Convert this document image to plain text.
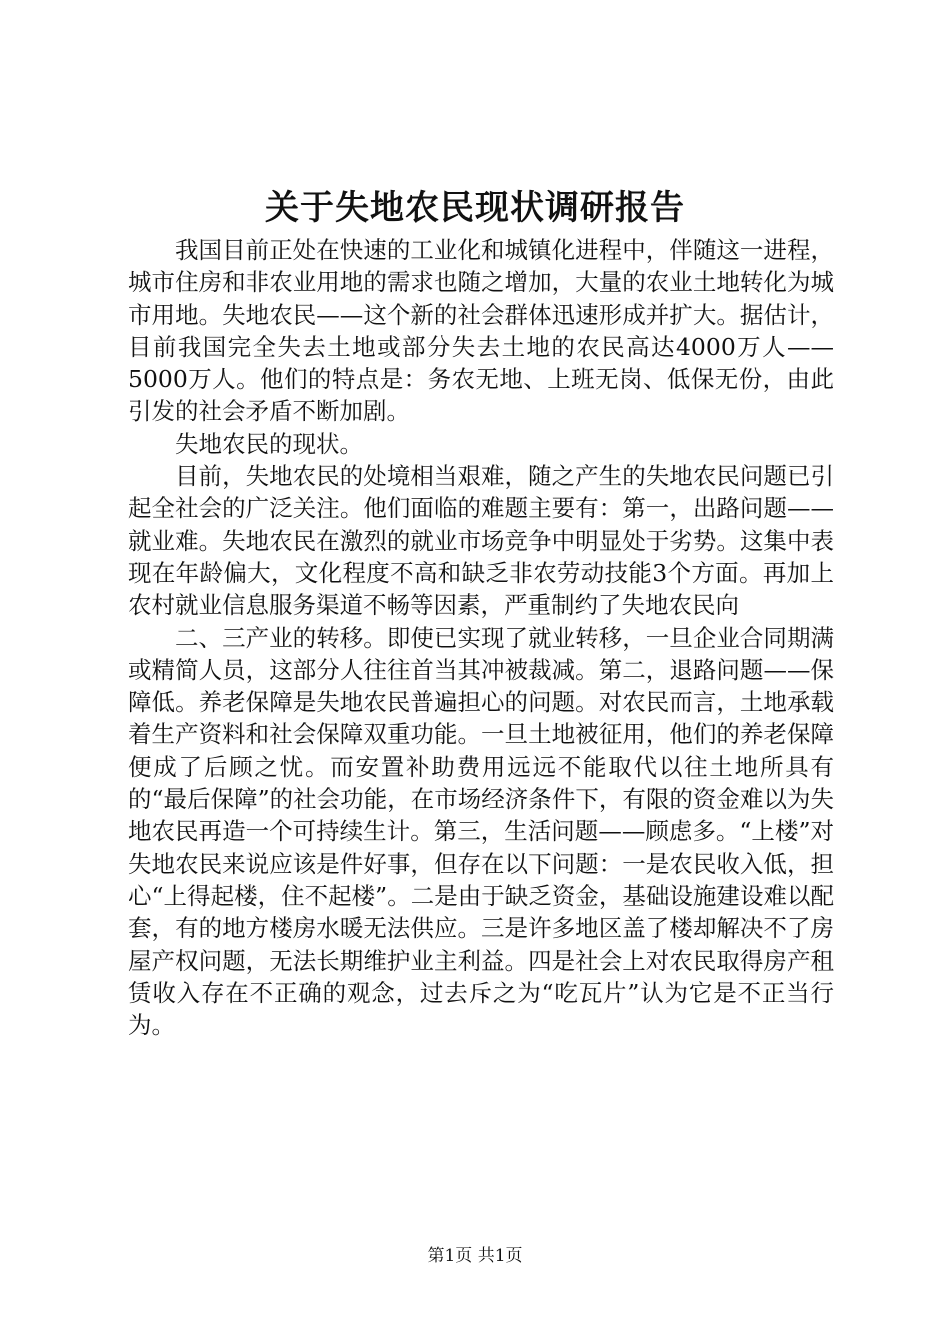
关于失地农民现状调研报告

我国目前正处在快速的工业化和城镇化进程中，伴随这一进程，城市住房和非农业用地的需求也随之增加，大量的农业土地转化为城市用地。失地农民——这个新的社会群体迅速形成并扩大。据估计，目前我国完全失去土地或部分失去土地的农民高达4000万人——5000万人。他们的特点是：务农无地、上班无岗、低保无份，由此引发的社会矛盾不断加剧。

失地农民的现状。

目前，失地农民的处境相当艰难，随之产生的失地农民问题已引起全社会的广泛关注。他们面临的难题主要有：第一，出路问题——就业难。失地农民在激烈的就业市场竞争中明显处于劣势。这集中表现在年龄偏大，文化程度不高和缺乏非农劳动技能3个方面。再加上农村就业信息服务渠道不畅等因素，严重制约了失地农民向

二、三产业的转移。即使已实现了就业转移，一旦企业合同期满或精简人员，这部分人往往首当其冲被裁减。第二，退路问题——保障低。养老保障是失地农民普遍担心的问题。对农民而言，土地承载着生产资料和社会保障双重功能。一旦土地被征用，他们的养老保障便成了后顾之忧。而安置补助费用远远不能取代以往土地所具有的“最后保障”的社会功能，在市场经济条件下，有限的资金难以为失地农民再造一个可持续生计。第三，生活问题——顾虑多。“上楼”对失地农民来说应该是件好事，但存在以下问题：一是农民收入低，担心“上得起楼，住不起楼”。二是由于缺乏资金，基础设施建设难以配套，有的地方楼房水暖无法供应。三是许多地区盖了楼却解决不了房屋产权问题，无法长期维护业主利益。四是社会上对农民取得房产租赁收入存在不正确的观念，过去斥之为“吃瓦片”认为它是不正当行为。

第1页 共1页
